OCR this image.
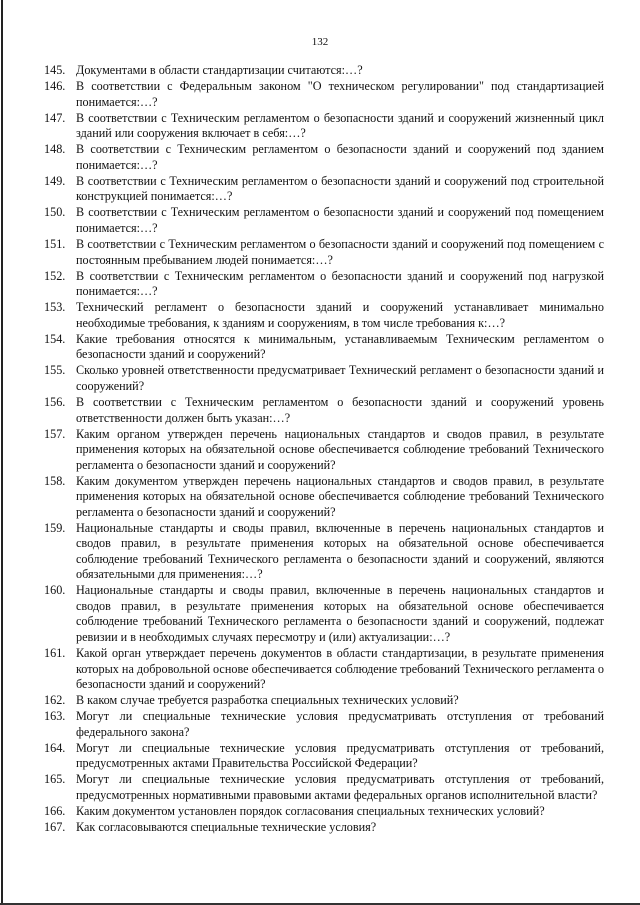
132
145. Документами в области стандартизации считаются:…?
146. В соответствии с Федеральным законом "О техническом регулировании" под стандартизацией понимается:…?
147. В соответствии с Техническим регламентом о безопасности зданий и сооружений жизненный цикл зданий или сооружения включает в себя:…?
148. В соответствии с Техническим регламентом о безопасности зданий и сооружений под зданием понимается:…?
149. В соответствии с Техническим регламентом о безопасности зданий и сооружений под строительной конструкцией понимается:…?
150. В соответствии с Техническим регламентом о безопасности зданий и сооружений под помещением понимается:…?
151. В соответствии с Техническим регламентом о безопасности зданий и сооружений под помещением с постоянным пребыванием людей понимается:…?
152. В соответствии с Техническим регламентом о безопасности зданий и сооружений под нагрузкой понимается:…?
153. Технический регламент о безопасности зданий и сооружений устанавливает минимально необходимые требования, к зданиям и сооружениям, в том числе требования к:…?
154. Какие требования относятся к минимальным, устанавливаемым Техническим регламентом о безопасности зданий и сооружений?
155. Сколько уровней ответственности предусматривает Технический регламент о безопасности зданий и сооружений?
156. В соответствии с Техническим регламентом о безопасности зданий и сооружений уровень ответственности должен быть указан:…?
157. Каким органом утвержден перечень национальных стандартов и сводов правил, в результате применения которых на обязательной основе обеспечивается соблюдение требований Технического регламента о безопасности зданий и сооружений?
158. Каким документом утвержден перечень национальных стандартов и сводов правил, в результате применения которых на обязательной основе обеспечивается соблюдение требований Технического регламента о безопасности зданий и сооружений?
159. Национальные стандарты и своды правил, включенные в перечень национальных стандартов и сводов правил, в результате применения которых на обязательной основе обеспечивается соблюдение требований Технического регламента о безопасности зданий и сооружений, являются обязательными для применения:…?
160. Национальные стандарты и своды правил, включенные в перечень национальных стандартов и сводов правил, в результате применения которых на обязательной основе обеспечивается соблюдение требований Технического регламента о безопасности зданий и сооружений, подлежат ревизии и в необходимых случаях пересмотру и (или) актуализации:…?
161. Какой орган утверждает перечень документов в области стандартизации, в результате применения которых на добровольной основе обеспечивается соблюдение требований Технического регламента о безопасности зданий и сооружений?
162. В каком случае требуется разработка специальных технических условий?
163. Могут ли специальные технические условия предусматривать отступления от требований федерального закона?
164. Могут ли специальные технические условия предусматривать отступления от требований, предусмотренных актами Правительства Российской Федерации?
165. Могут ли специальные технические условия предусматривать отступления от требований, предусмотренных нормативными правовыми актами федеральных органов исполнительной власти?
166. Каким документом установлен порядок согласования специальных технических условий?
167. Как согласовываются специальные технические условия?
